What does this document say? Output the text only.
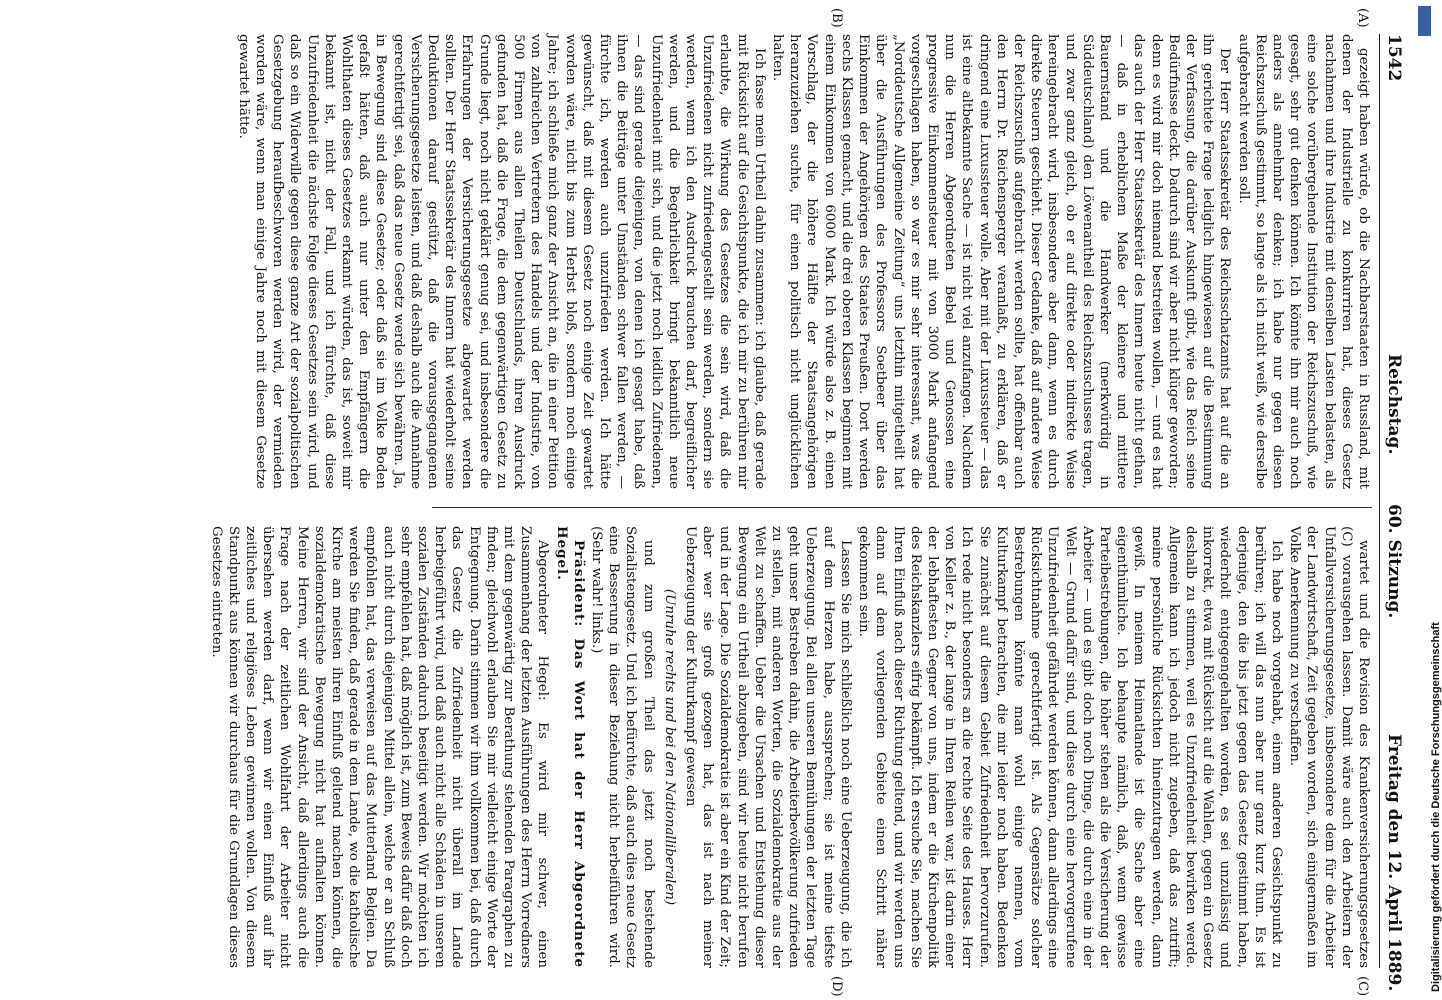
1542
Reichstag.
60. Sitzung.
Freitag den 12. April 1889.
(A)
(B)
(C)
(D)

gezeigt haben würde, ob die Nachbarstaaten in Russland, mit denen der Industrielle zu konkurriren hat, dieses Gesetz nachahmen und ihre Industrie mit denselben Lasten belasten, als eine solche vorübergehende Institution der Reichszuschuß, wie gesagt, sehr gut denken können. Ich könnte ihn mir auch noch anders als annehmbar denken; ich habe nur gegen diesen Reichszuschuß gestimmt, so lange als ich nicht weiß, wie derselbe aufgebracht werden soll.

Der Herr Staatssekretär des Reichsschatzamts hat auf die an ihn gerichtete Frage lediglich hingewiesen auf die Bestimmung der Verfassung, die darüber Auskunft gibt, wie das Reich seine Bedürfnisse deckt. Dadurch sind wir aber nicht klüger geworden; denn es wird mir doch niemand bestreiten wollen, — und es hat das auch der Herr Staatssekretär des Innern heute nicht gethan, — daß in erheblichem Maße der kleinere und mittlere Bauernstand und die Handwerker (merkwürdig in Süddeutschland) den Löwenantheil des Reichszuschusses tragen, und zwar ganz gleich, ob er auf direkte oder indirekte Weise hereingebracht wird, insbesondere aber dann, wenn es durch direkte Steuern geschieht. Dieser Gedanke, daß auf andere Weise der Reichszuschuß aufgebracht werden sollte, hat offenbar auch den Herrn Dr. Reichensperger veranlaßt, zu erklären, daß er dringend eine Luxussteuer wolle. Aber mit der Luxussteuer — das ist eine altbekannte Sache — ist nicht viel anzufangen. Nachdem nun die Herren Abgeordneten Bebel und Genossen eine progressive Einkommensteuer mit von 3000 Mark anfangend vorgeschlagen haben, so war es mir sehr interessant, was die „Norddeutsche Allgemeine Zeitung“ uns letzthin mitgetheilt hat über die Ausführungen des Professors Soetbeer über das Einkommen der Angehörigen des Staates Preußen. Dort werden sechs Klassen gemacht, und die drei oberen Klassen beginnen mit einem Einkommen von 6000 Mark. Ich würde also z. B. einen Vorschlag, der die höhere Hälfte der Staatsangehörigen heranzuziehen suchte, für einen politisch nicht unglücklichen halten.

Ich fasse mein Urtheil dahin zusammen: ich glaube, daß gerade mit Rücksicht auf die Gesichtspunkte, die ich mir zu berühren mir erlaubte, die Wirkung des Gesetzes die sein wird, daß die Unzufriedenen nicht zufriedengestellt sein werden, sondern sie werden, wenn ich den Ausdruck brauchen darf, begreiflicher werden, und die Begehrlichkeit bringt bekanntlich neue Unzufriedenheit mit sich, und die jetzt noch leidlich Zufriedenen, — das sind gerade diejenigen, von denen ich gesagt habe, daß ihnen die Beiträge unter Umständen schwer fallen werden, — fürchte ich, werden auch unzufrieden werden. Ich hätte gewünscht, daß mit diesem Gesetz noch einige Zeit gewartet worden wäre, nicht bis zum Herbst bloß, sondern noch einige Jahre; ich schließe mich ganz der Ansicht an, die in einer Petition von zahlreichen Vertretern des Handels und der Industrie, von 500 Firmen aus allen Theilen Deutschlands, ihren Ausdruck gefunden hat, daß die Frage, die dem gegenwärtigen Gesetz zu Grunde liegt, noch nicht geklärt genug sei, und insbesondere die Erfahrungen der Versicherungsgesetze abgewartet werden sollten. Der Herr Staatssekretär des Innern hat wiederholt seine Deduktionen darauf gestützt, daß die vorausgegangenen Versicherungsgesetze leisten, und daß deshalb auch die Annahme gerechtfertigt sei, daß das neue Gesetz werde sich bewähren. Ja, in Bewegung sind diese Gesetze; oder daß sie im Volke Boden gefaßt hätten, daß auch nur unter den Empfängern die Wohlthaten dieses Gesetzes erkannt würden, das ist, soweit mir bekannt ist, nicht der Fall, und ich fürchte, daß diese Unzufriedenheit die nächste Folge dieses Gesetzes sein wird, und daß so ein Widerwille gegen diese ganze Art der sozialpolitischen Gesetzgebung heraufbeschworen werden wird, der vermieden worden wäre, wenn man einige Jahre noch mit diesem Gesetze gewartet hätte.

wartet und die Revision des Krankenversicherungsgesetzes (C) vorausgehen lassen. Damit wäre auch den Arbeitern der Unfallversicherungsgesetze, insbesondere dem für die Arbeiter der Landwirtschaft, Zeit gegeben worden, sich einigermaßen im Volke Anerkennung zu verschaffen.

Ich habe noch vorgehabt, einem anderen Gesichtspunkt zu berühren; ich will das nun aber nur ganz kurz thun. Es ist derjenige, den die bis jetzt gegen das Gesetz gestimmt haben, wiederholt entgegengehalten worden, es sei unzulässig und inkorrekt, etwa mit Rücksicht auf die Wahlen, gegen ein Gesetz deshalb zu stimmen, weil es Unzufriedenheit bewirken werde. Allgemein kann ich jedoch nicht zugeben, daß das zutrifft; meine persönliche Rücksichten hineinzutragen werden, dann gewiß. In meinem Heimatlande ist die Sache aber eine eigenthümliche. Ich behaupte nämlich, daß, wenn gewisse Parteibestrebungen, die höher stehen als die Versicherung der Arbeiter — und es gibt doch noch Dinge, die durch eine in der Welt — Grund dafür sind, und diese durch eine hervorgerufene Unzufriedenheit gefährdet werden können, dann allerdings eine Rücksichtnahme gerechtfertigt ist. Als Gegensätze solcher Bestrebungen könnte man wohl einige nennen, vom Kulturkampf betrachten, die mir leider noch haben. Bedenken Sie zunächst auf diesem Gebiet Zufriedenheit hervorzurufen. Ich rede nicht besonders an die rechte Seite des Hauses. Herr von Keller z. B., der lange in Ihren Reihen war, ist darin einer der lebhaftesten Gegner von uns, indem er die Kirchenpolitik des Reichskanzlers eifrig bekämpft. Ich ersuche Sie, machen Sie Ihren Einfluß nach dieser Richtung geltend, und wir werden uns dann auf dem vorliegenden Gebiete einen Schritt näher gekommen sein.

Lassen Sie mich schließlich noch eine Ueberzeugung, die ich auf dem Herzen habe, aussprechen; sie ist meine tiefste Ueberzeugung. Bei allen unseren Bemühungen der letzten Tage geht unser Bestreben dahin, die Arbeiterbevölkerung zufrieden zu stellen, mit anderen Worten, die Sozialdemokratie aus der Welt zu schaffen. Ueber die Ursachen und Entstehung dieser Bewegung ein Urtheil abzugeben, sind wir heute nicht berufen und in der Lage. Die Sozialdemokratie ist aber ein Kind der Zeit; aber wer sie groß gezogen hat, das ist nach meiner Ueberzeugung der Kulturkampf gewesen

(Unruhe rechts und bei den Nationalliberalen)

und zum großen Theil das jetzt noch bestehende Sozialistengesetz. Und ich befürchte, daß auch dies neue Gesetz eine Besserung in dieser Beziehung nicht herbeiführen wird. (Sehr wahr! links.)

Präsident: Das Wort hat der Herr Abgeordnete Hegel.

Abgeordneter Hegel: Es wird mir schwer, einen Zusammenhang der letzten Ausführungen des Herrn Vorredners mit dem gegenwärtig zur Berathung stehenden Paragraphen zu finden; gleichwohl erlauben Sie mir vielleicht einige Worte der Entgegnung. Darin stimmen wir ihm vollkommen bei, daß durch das Gesetz die Zufriedenheit nicht überall im Lande herbeigeführt wird, und daß auch nicht alle Schäden in unseren sozialen Zuständen dadurch beseitigt werden. Wir möchten ich sehr empfehlen hat, daß möglich ist, zum Beweis dafür daß doch auch nicht durch diejenigen Mittel allein, welche er an Schluß empfohlen hat, das verweisen auf das Mutterland Belgien. Da werden Sie finden, daß gerade in dem Lande, wo die katholische Kirche am meisten ihren Einfluß geltend machen können, die sozialdemokratische Bewegung nicht hat aufhalten können. Meine Herren, wir sind der Ansicht, daß allerdings auch die Frage nach der zeitlichen Wohlfahrt der Arbeiter nicht übersehen werden darf, wenn wir einen Einfluß auf ihr zeitliches und religiöses Leben gewinnen wollen. Von diesem Standpunkt aus können wir durchaus für die Grundlagen dieses Gesetzes eintreten.

Digitalisierung gefördert durch die Deutsche Forschungsgemeinschaft
